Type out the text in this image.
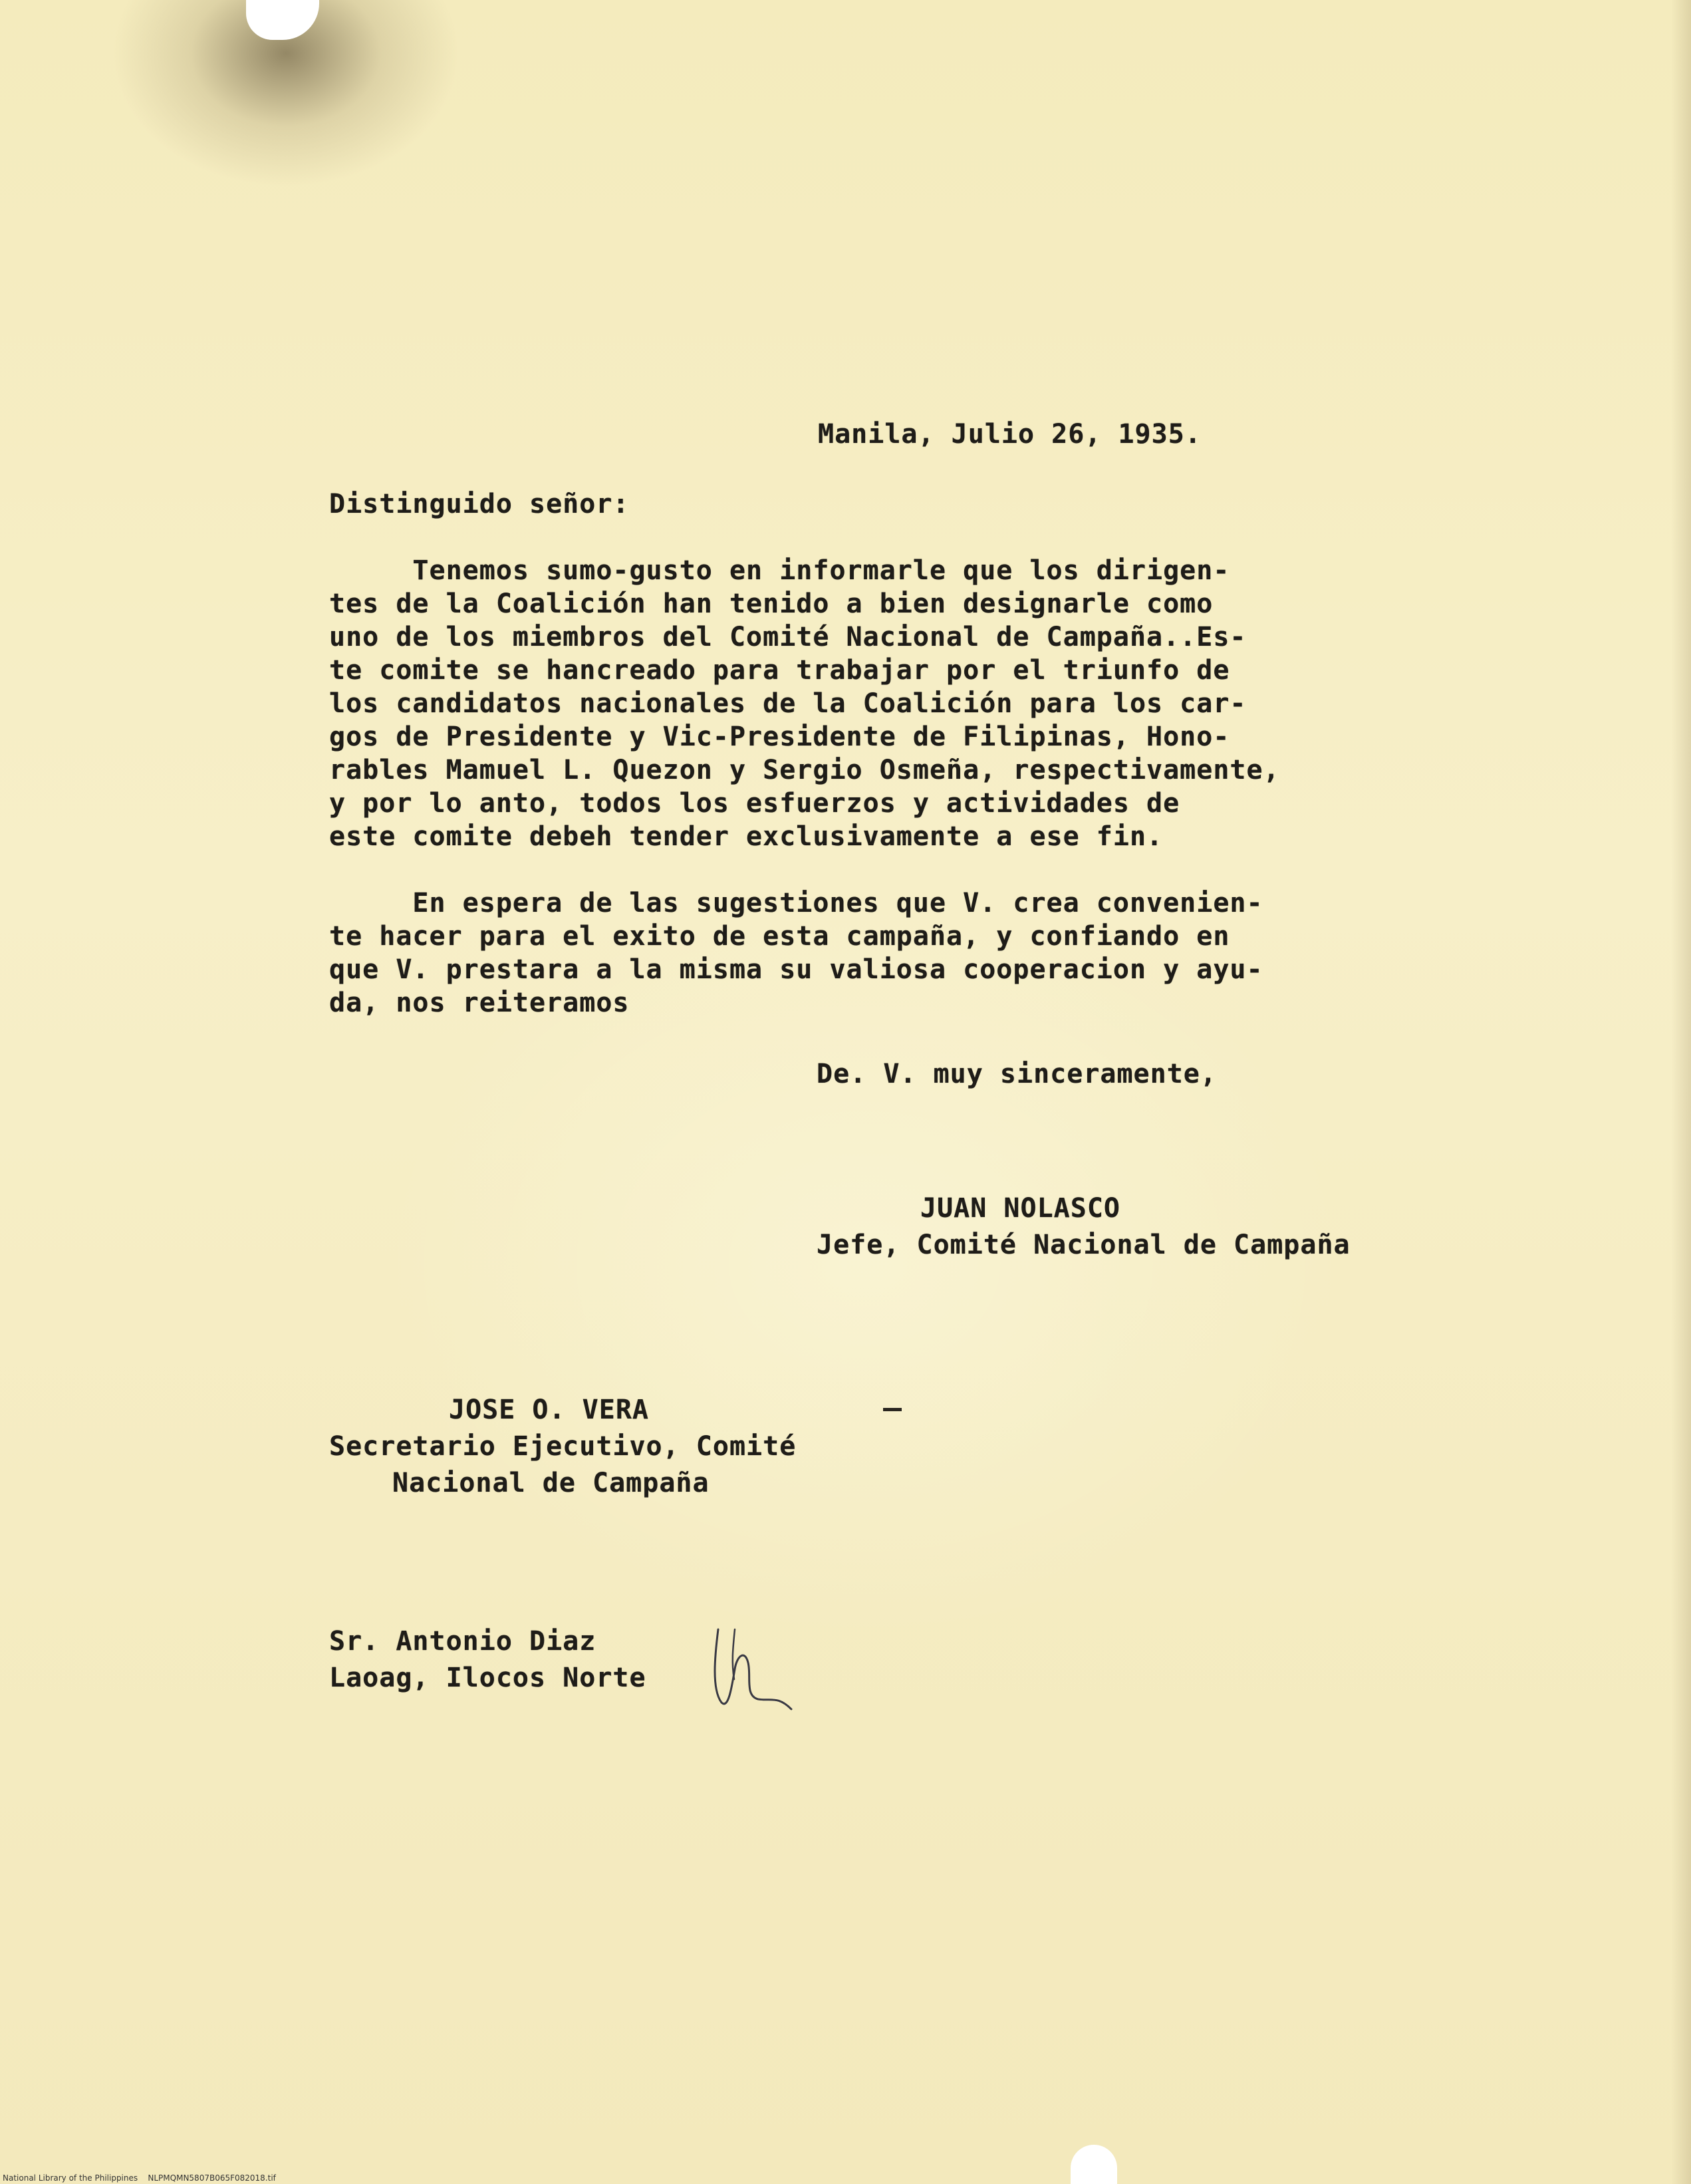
Manila, Julio 26, 1935.
Distinguido señor:
Tenemos sumo-gusto en informarle que los dirigen-
tes de la Coalición han tenido a bien designarle como
uno de los miembros del Comité Nacional de Campaña..Es-
te comite se hancreado para trabajar por el triunfo de
los candidatos nacionales de la Coalición para los car-
gos de Presidente y Vic-Presidente de Filipinas, Hono-
rables Mamuel L. Quezon y Sergio Osmeña, respectivamente,
y por lo anto, todos los esfuerzos y actividades de
este comite debeh tender exclusivamente a ese fin.
En espera de las sugestiones que V. crea convenien-
te hacer para el exito de esta campaña, y confiando en
que V. prestara a la misma su valiosa cooperacion y ayu-
da, nos reiteramos
De. V. muy sinceramente,
JUAN NOLASCO
Jefe, Comité Nacional de Campaña
JOSE O. VERA
Secretario Ejecutivo, Comité
Nacional de Campaña
Sr. Antonio Diaz
Laoag, Ilocos Norte
National Library of the Philippines    NLPMQMN5807B065F082018.tif
